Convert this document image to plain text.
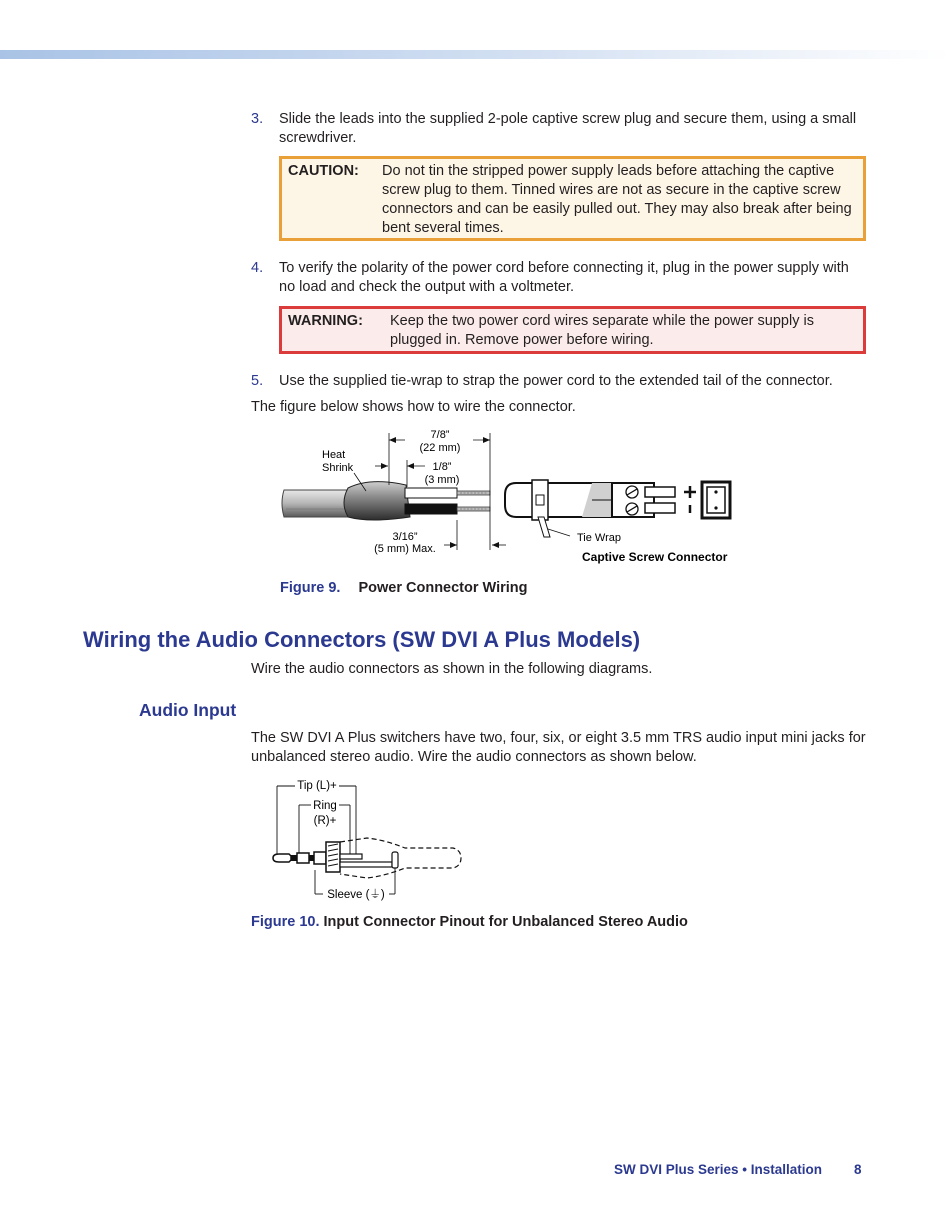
3. Slide the leads into the supplied 2-pole captive screw plug and secure them, using a small screwdriver.
CAUTION: Do not tin the stripped power supply leads before attaching the captive screw plug to them. Tinned wires are not as secure in the captive screw connectors and can be easily pulled out. They may also break after being bent several times.
4. To verify the polarity of the power cord before connecting it, plug in the power supply with no load and check the output with a voltmeter.
WARNING: Keep the two power cord wires separate while the power supply is plugged in. Remove power before wiring.
5. Use the supplied tie-wrap to strap the power cord to the extended tail of the connector.
The figure below shows how to wire the connector.
Heat
Shrink
7/8”
(22 mm)
1/8”
(3 mm)
3/16”
(5 mm) Max.
Tie Wrap
Captive Screw Connector
Figure 9. Power Connector Wiring
Wiring the Audio Connectors (SW DVI A Plus Models)
Wire the audio connectors as shown in the following diagrams.
Audio Input
The SW DVI A Plus switchers have two, four, six, or eight 3.5 mm TRS audio input mini jacks for unbalanced stereo audio. Wire the audio connectors as shown below.
Tip (L)+
Ring
(R)+
Sleeve (⏚)
Figure 10. Input Connector Pinout for Unbalanced Stereo Audio
SW DVI Plus Series • Installation 8
